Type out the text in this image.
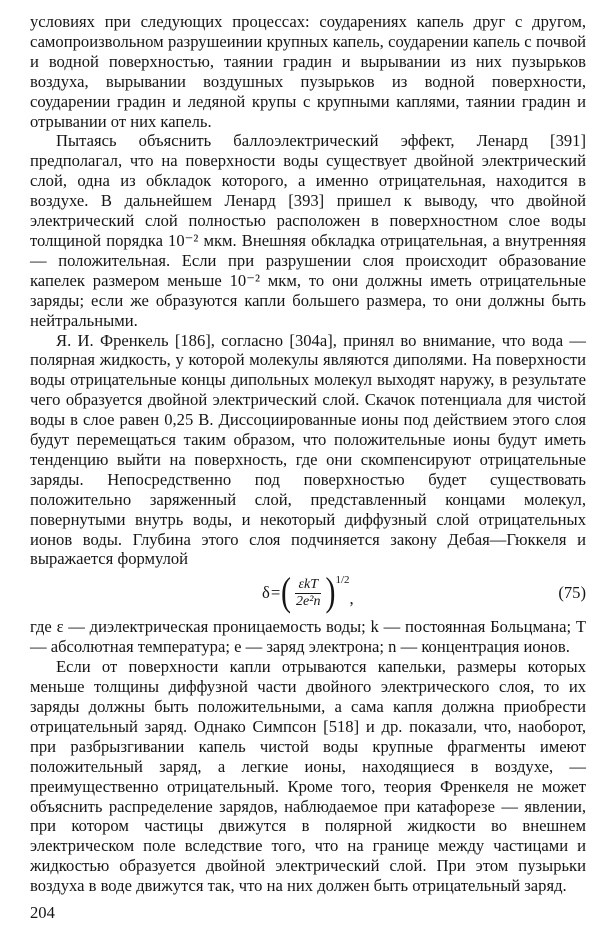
условиях при следующих процессах: соударениях капель друг с другом, самопроизвольном разрушеинии крупных капель, соударении капель с почвой и водной поверхностью, таянии градин и вырывании из них пузырьков воздуха, вырывании воздушных пузырьков из водной поверхности, соударении градин и ледяной крупы с крупными каплями, таянии градин и отрывании от них капель.

Пытаясь объяснить баллоэлектрический эффект, Ленард [391] предполагал, что на поверхности воды существует двойной электрический слой, одна из обкладок которого, а именно отрицательная, находится в воздухе. В дальнейшем Ленард [393] пришел к выводу, что двойной электрический слой полностью расположен в поверхностном слое воды толщиной порядка 10⁻² мкм. Внешняя обкладка отрицательная, а внутренняя — положительная. Если при разрушении слоя происходит образование капелек размером меньше 10⁻² мкм, то они должны иметь отрицательные заряды; если же образуются капли большего размера, то они должны быть нейтральными.

Я. И. Френкель [186], согласно [304а], принял во внимание, что вода — полярная жидкость, у которой молекулы являются диполями. На поверхности воды отрицательные концы дипольных молекул выходят наружу, в результате чего образуется двойной электрический слой. Скачок потенциала для чистой воды в слое равен 0,25 В. Диссоциированные ионы под действием этого слоя будут перемещаться таким образом, что положительные ионы будут иметь тенденцию выйти на поверхность, где они скомпенсируют отрицательные заряды. Непосредственно под поверхностью будет существовать положительно заряженный слой, представленный концами молекул, повернутыми внутрь воды, и некоторый диффузный слой отрицательных ионов воды. Глубина этого слоя подчиняется закону Дебая—Гюккеля и выражается формулой

δ = ( $\frac{\text{εkT}}{\text{2e²n}}$ ) 1/2
,	(75)

где ε — диэлектрическая проницаемость воды; k — постоянная Больцмана; T — абсолютная температура; e — заряд электрона; n — концентрация ионов.

Если от поверхности капли отрываются капельки, размеры которых меньше толщины диффузной части двойного электрического слоя, то их заряды должны быть положительными, а сама капля должна приобрести отрицательный заряд. Однако Симпсон [518] и др. показали, что, наоборот, при разбрызгивании капель чистой воды крупные фрагменты имеют положительный заряд, а легкие ионы, находящиеся в воздухе, — преимущественно отрицательный. Кроме того, теория Френкеля не может объяснить распределение зарядов, наблюдаемое при катафорезе — явлении, при котором частицы движутся в полярной жидкости во внешнем электрическом поле вследствие того, что на границе между частицами и жидкостью образуется двойной электрический слой. При этом пузырьки воздуха в воде движутся так, что на них должен быть отрицательный заряд.

204
